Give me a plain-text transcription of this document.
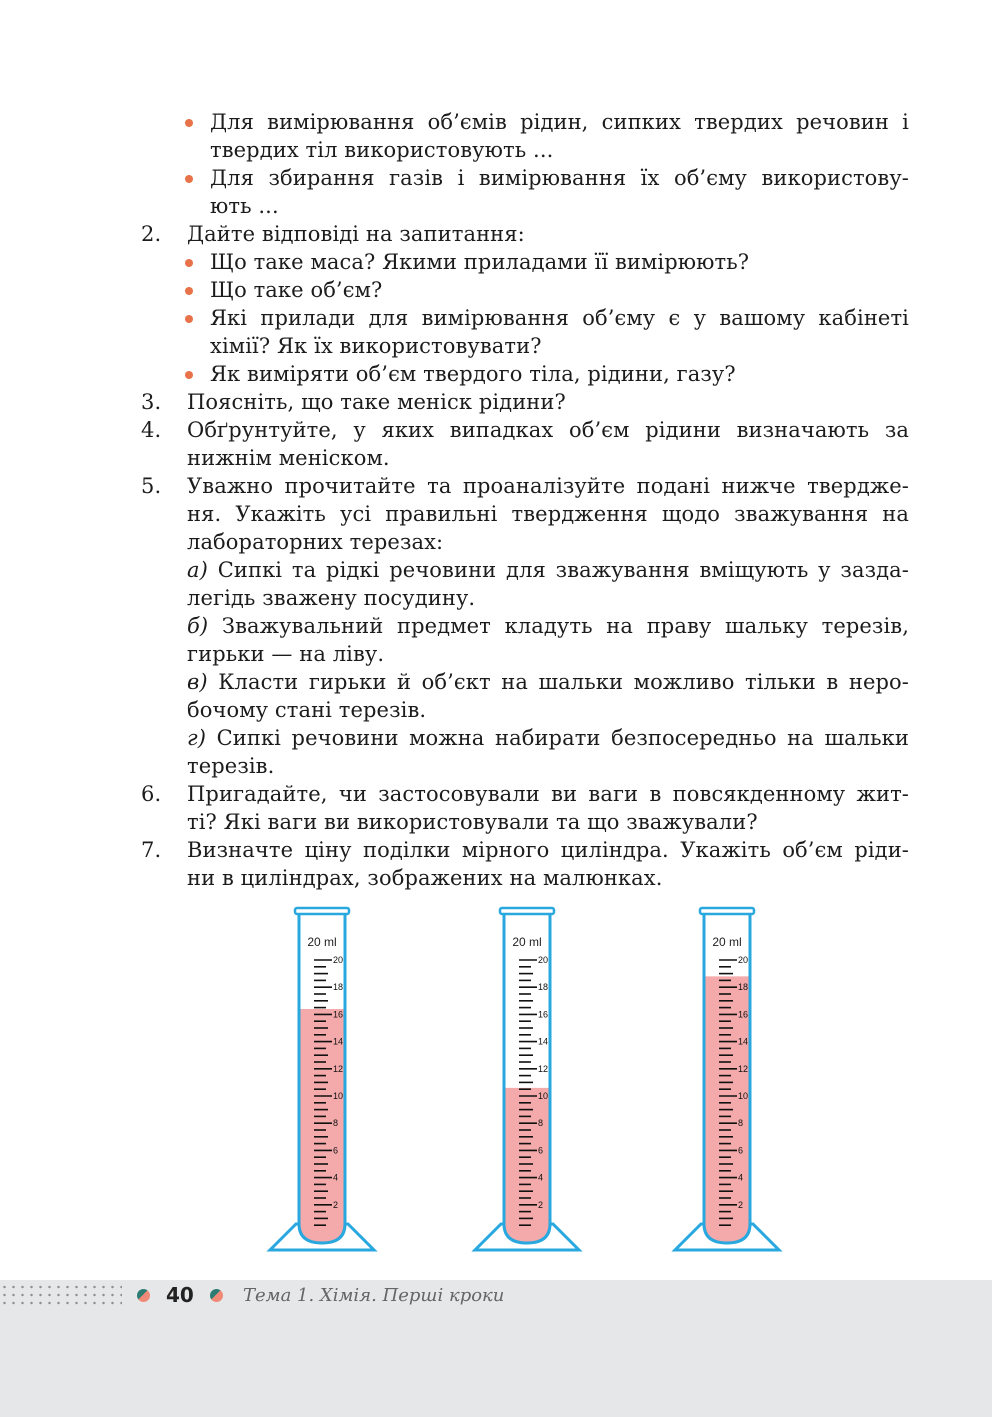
Для вимірювання об’ємів рідин, сипких твердих речовин і
твердих тіл використовують ...
Для збирання газів і вимірювання їх об’єму використову-
ють ...
2. Дайте відповіді на запитання:
Що таке маса? Якими приладами її вимірюють?
Що таке об’єм?
Які прилади для вимірювання об’єму є у вашому кабінеті
хімії? Як їх використовувати?
Як виміряти об’єм твердого тіла, рідини, газу?
3. Поясніть, що таке меніск рідини?
4. Обґрунтуйте, у яких випадках об’єм рідини визначають за
нижнім меніском.
5. Уважно прочитайте та проаналізуйте подані нижче твердже-
ня. Укажіть усі правильні твердження щодо зважування на
лабораторних терезах:
а) Сипкі та рідкі речовини для зважування вміщують у зазда-
легідь зважену посудину.
б) Зважувальний предмет кладуть на праву шальку терезів,
гирьки — на ліву.
в) Класти гирьки й об’єкт на шальки можливо тільки в неро-
бочому стані терезів.
г) Сипкі речовини можна набирати безпосередньо на шальки
терезів.
6. Пригадайте, чи застосовували ви ваги в повсякденному жит-
ті? Які ваги ви використовували та що зважували?
7. Визначте ціну поділки мірного циліндра. Укажіть об’єм ріди-
ни в циліндрах, зображених на малюнках.
20 ml
2
4
6
8
10
12
14
16
18
20
20 ml
2
4
6
8
10
12
14
16
18
20
20 ml
2
4
6
8
10
12
14
16
18
20
40	Тема 1. Хімія. Перші кроки
